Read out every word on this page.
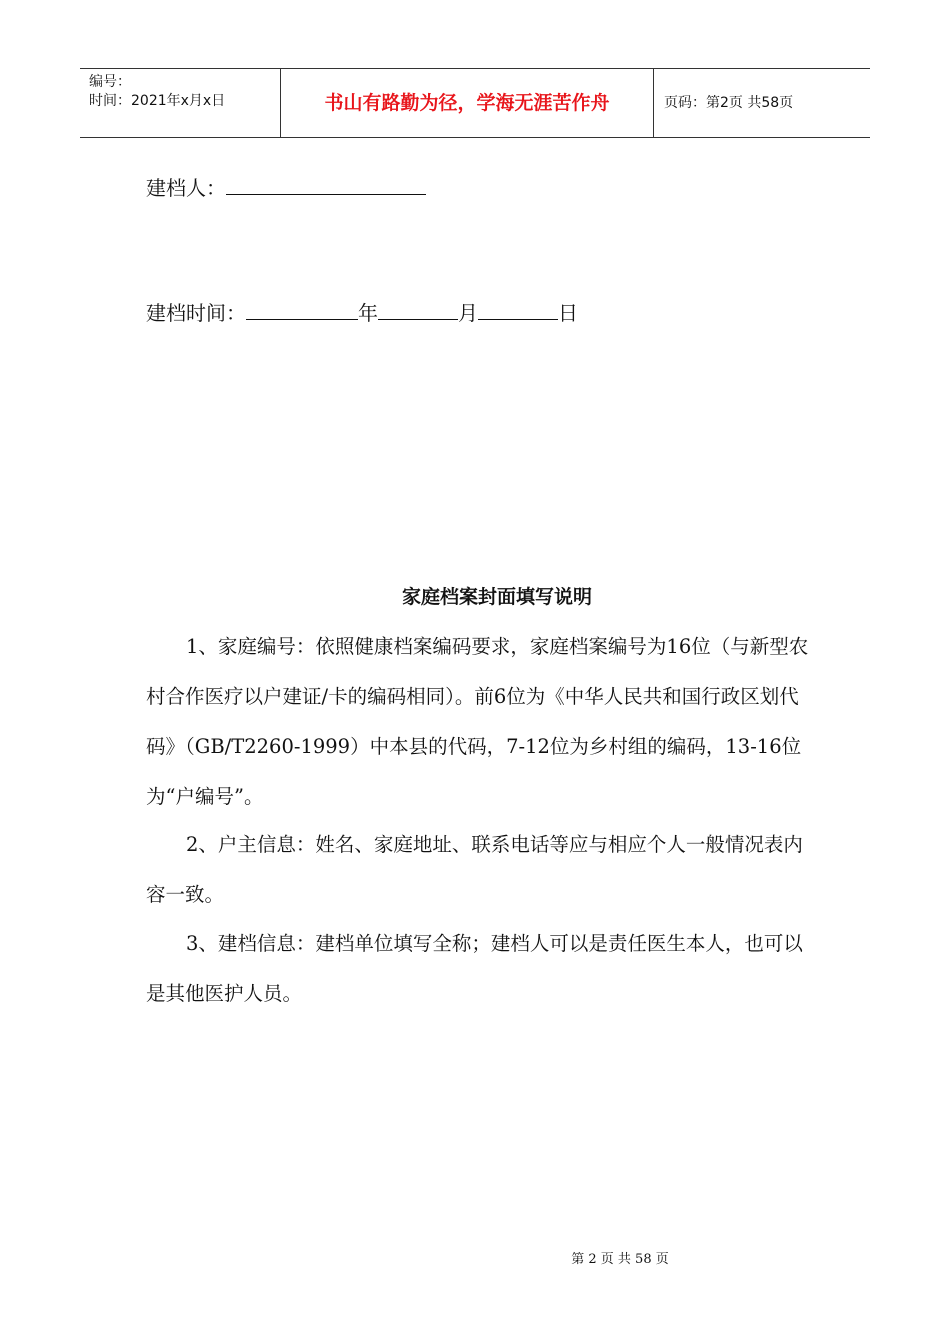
编号：
时间：2021年x月x日	书山有路勤为径，学海无涯苦作舟	页码：第2页 共58页
建档人：
建档时间：	年	月	日
家庭档案封面填写说明

1、家庭编号：依照健康档案编码要求，家庭档案编号为16位（与新型农村合作医疗以户建证/卡的编码相同）。前6位为《中华人民共和国行政区划代码》（GB/T2260-1999）中本县的代码，7-12位为乡村组的编码，13-16位为“户编号”。

2、户主信息：姓名、家庭地址、联系电话等应与相应个人一般情况表内容一致。

3、建档信息：建档单位填写全称；建档人可以是责任医生本人，也可以是其他医护人员。

第 2 页 共 58 页
